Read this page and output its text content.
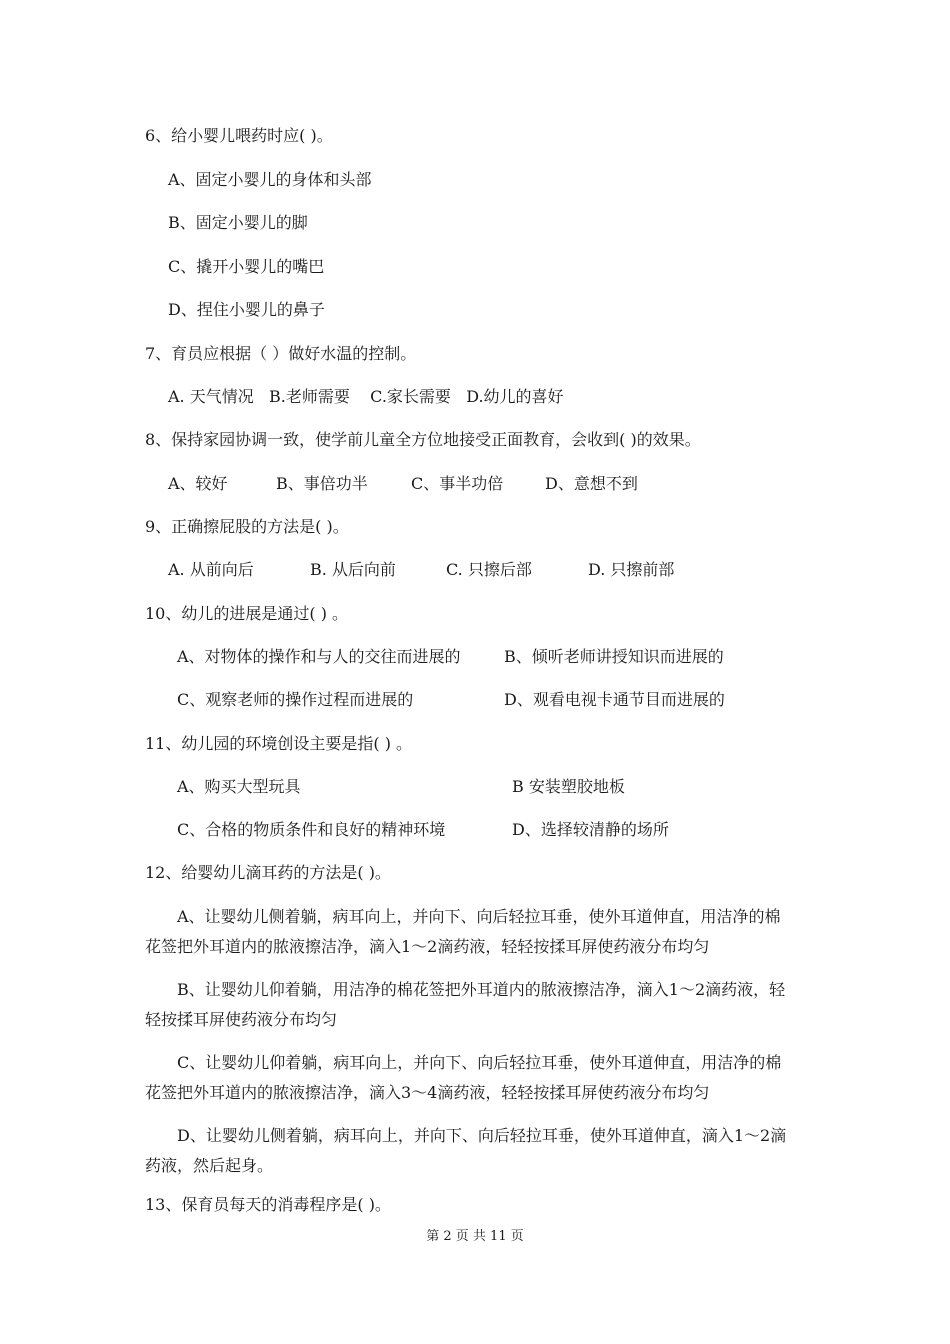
6、给小婴儿喂药时应( )。
A、固定小婴儿的身体和头部
B、固定小婴儿的脚
C、撬开小婴儿的嘴巴
D、捏住小婴儿的鼻子
7、育员应根据（ ）做好水温的控制。
A. 天气情况   B.老师需要    C.家长需要   D.幼儿的喜好
8、保持家园协调一致，使学前儿童全方位地接受正面教育，会收到( )的效果。
A、较好	B、事倍功半	C、事半功倍	D、意想不到
9、正确擦屁股的方法是( )。
A. 从前向后	B. 从后向前	C. 只擦后部	D. 只擦前部
10、幼儿的进展是通过( ) 。
A、对物体的操作和与人的交往而进展的	B、倾听老师讲授知识而进展的
C、观察老师的操作过程而进展的	D、观看电视卡通节目而进展的
11、幼儿园的环境创设主要是指( ) 。
A、购买大型玩具	B 安装塑胶地板
C、合格的物质条件和良好的精神环境	D、选择较清静的场所
12、给婴幼儿滴耳药的方法是( )。
A、让婴幼儿侧着躺，病耳向上，并向下、向后轻拉耳垂，使外耳道伸直，用洁净的棉
花签把外耳道内的脓液擦洁净，滴入1～2滴药液，轻轻按揉耳屏使药液分布均匀
B、让婴幼儿仰着躺，用洁净的棉花签把外耳道内的脓液擦洁净，滴入1～2滴药液，轻
轻按揉耳屏使药液分布均匀
C、让婴幼儿仰着躺，病耳向上，并向下、向后轻拉耳垂，使外耳道伸直，用洁净的棉
花签把外耳道内的脓液擦洁净，滴入3～4滴药液，轻轻按揉耳屏使药液分布均匀
D、让婴幼儿侧着躺，病耳向上，并向下、向后轻拉耳垂，使外耳道伸直，滴入1～2滴
药液，然后起身。
13、保育员每天的消毒程序是( )。
第 2 页 共 11 页
